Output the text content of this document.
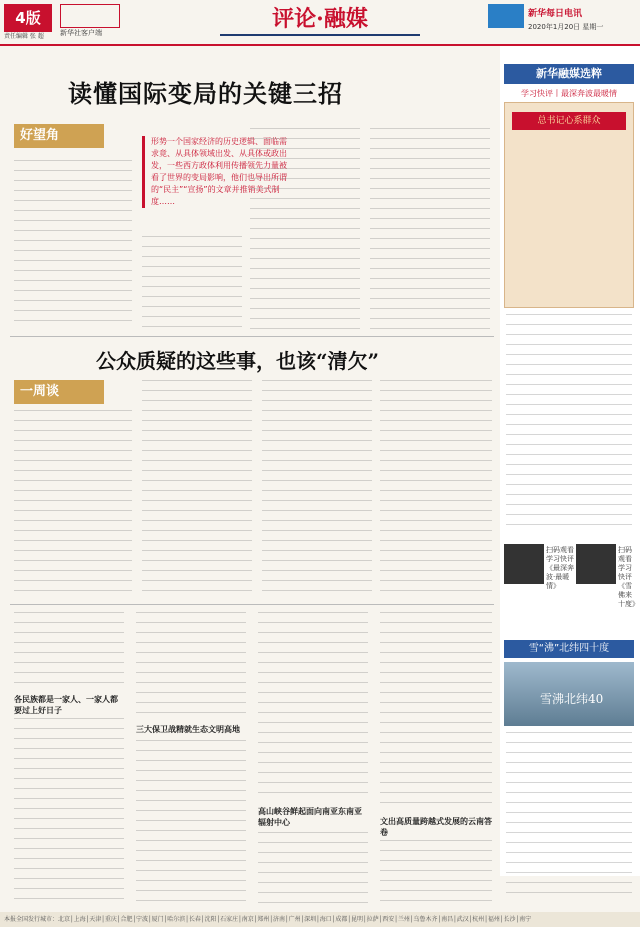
4版
责任编辑 张 超	新华社客户端
评论·融媒	新华每日电讯
2020年1月20日 星期一
读懂国际变局的关键三招
好望角	形势一个国家经济的历史逻辑、面临需求竟、从具体领域出发、从具体或政出发，一些西方政体利用传播领先力量被看了世界的变局影响，他们也导出所谓的“民主”“宣扬”的文章并推销美式制度……
公众质疑的这些事，也该“清欠”
一周谈
各民族都是一家人、一家人都要过上好日子
三大保卫战精就生态文明高地
高山峡谷鲜起面向南亚东南亚辐射中心	文出高质量跨越式发展的云南答卷
新华融媒选粹
学习快评丨最深奔波最暖情
总书记心系群众
扫码观看 学习快评《最深奔波·最暖情》
扫码观看 学习快评《雪佛来十度》
雪“沸”北纬四十度
雪沸北纬40
本报全国发行城市：北京│上海│天津│重庆│合肥│宁波│厦门│哈尔滨│长春│沈阳│石家庄│南京│郑州│济南│广州│深圳│海口│成都│昆明│拉萨│西安│兰州│乌鲁木齐│南昌│武汉│杭州│福州│长沙│南宁
